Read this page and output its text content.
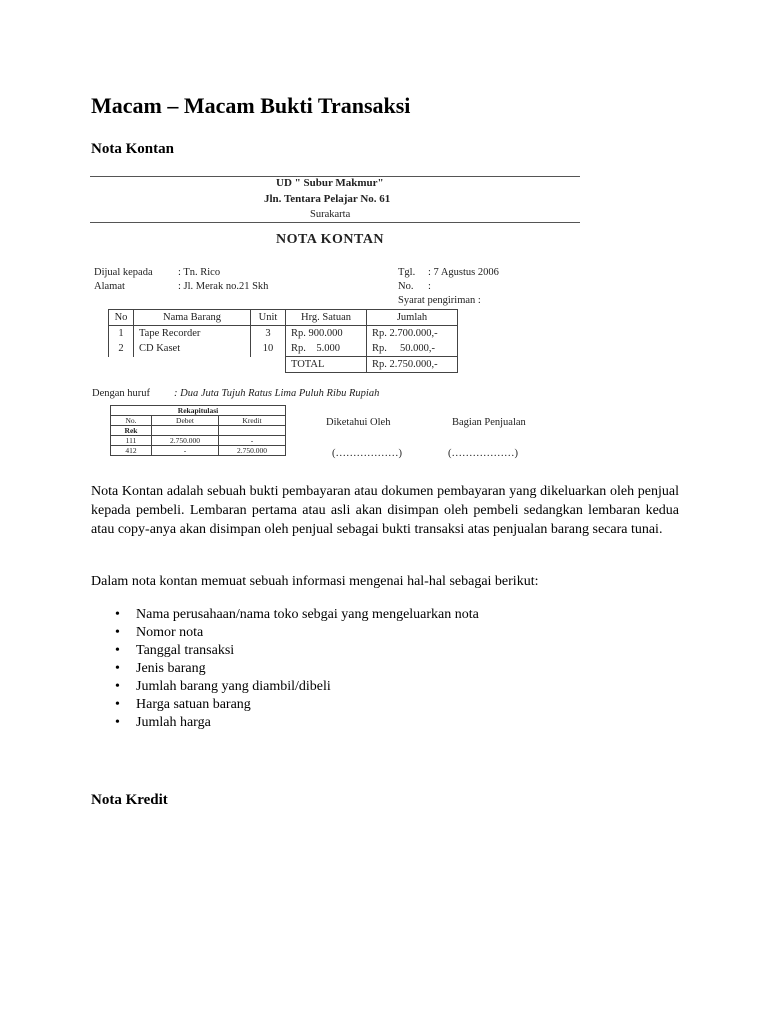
Macam – Macam Bukti Transaksi
Nota Kontan
UD " Subur Makmur"
Jln. Tentara Pelajar No. 61
Surakarta
NOTA KONTAN
Dijual kepada : Tn. Rico
Alamat	: Jl. Merak no.21 Skh
Tgl. : 7 Agustus 2006
No. :
Syarat pengiriman :
No	Nama Barang	Unit	Hrg. Satuan	Jumlah
1	Tape Recorder	3	Rp. 900.000	Rp. 2.700.000,-
2	CD Kaset	10	Rp.    5.000	Rp.     50.000,-
			TOTAL	Rp. 2.750.000,-
Dengan huruf : Dua Juta Tujuh Ratus Lima Puluh Ribu Rupiah
Rekapitulasi		
No.	Debet	Kredit
Rek		
111	2.750.000	-
412	-	2.750.000
Diketahui Oleh	Bagian Penjualan
(………………)	(………………)

Nota Kontan adalah sebuah bukti pembayaran atau dokumen pembayaran yang dikeluarkan oleh penjual kepada pembeli. Lembaran pertama atau asli akan disimpan oleh pembeli sedangkan lembaran kedua atau copy-anya akan disimpan oleh penjual sebagai bukti transaksi atas penjualan barang secara tunai.

Dalam nota kontan memuat sebuah informasi mengenai hal-hal sebagai berikut:

• Nama perusahaan/nama toko sebgai yang mengeluarkan nota
• Nomor nota
• Tanggal transaksi
• Jenis barang
• Jumlah barang yang diambil/dibeli
• Harga satuan barang
• Jumlah harga
Nota Kredit
